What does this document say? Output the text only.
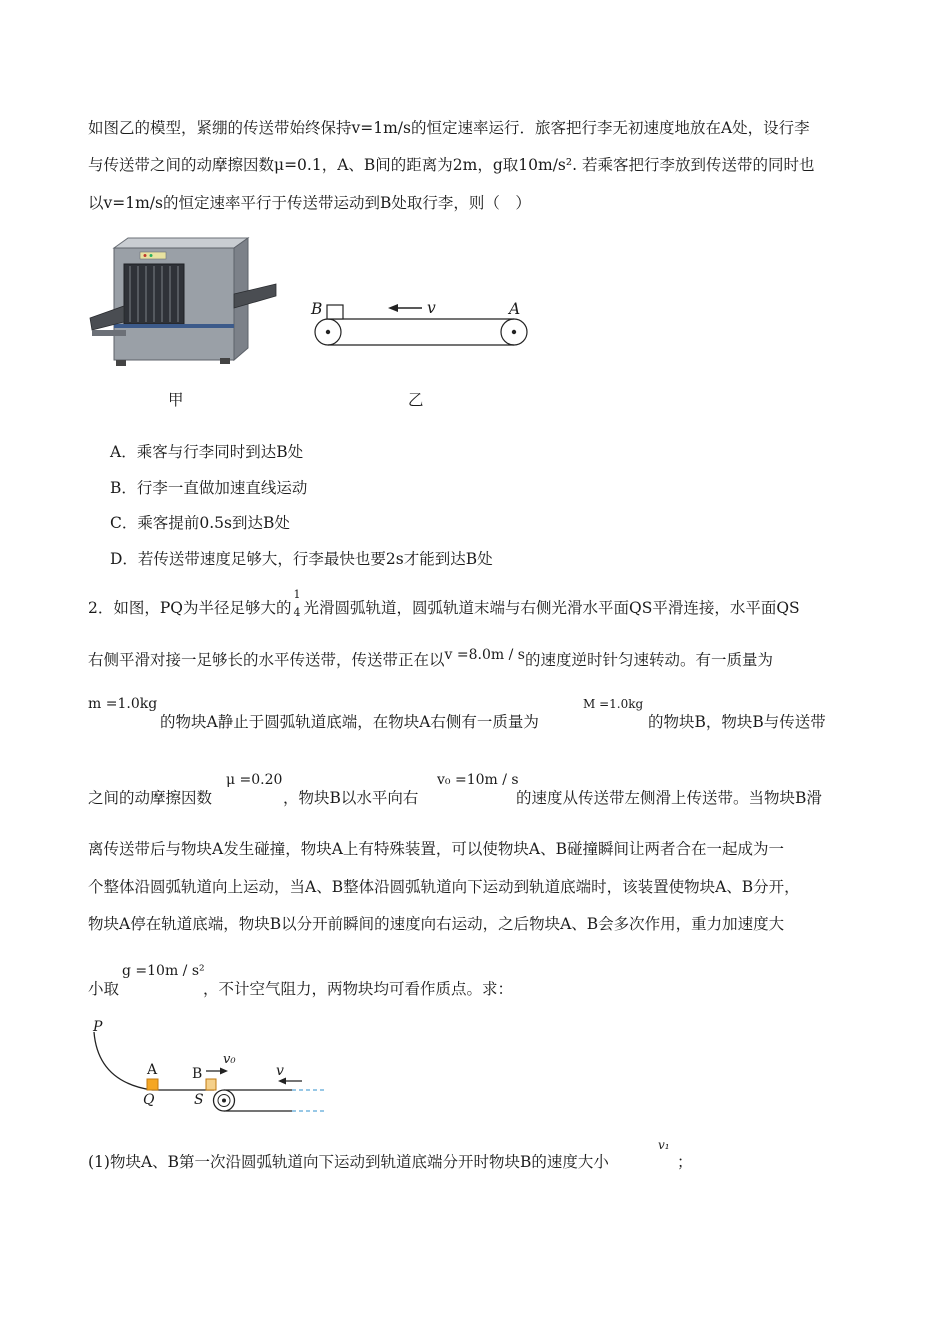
如图乙的模型，紧绷的传送带始终保持v=1m/s的恒定速率运行．旅客把行李无初速度地放在A处，设行李
与传送带之间的动摩擦因数μ=0.1，A、B间的距离为2m，g取10m/s². 若乘客把行李放到传送带的同时也
以v=1m/s的恒定速率平行于传送带运动到B处取行李，则（　）
甲
B	v	A
乙
A．乘客与行李同时到达B处
B．行李一直做加速直线运动
C．乘客提前0.5s到达B处
D．若传送带速度足够大，行李最快也要2s才能到达B处
2．如图，PQ为半径足够大的
1
4 光滑圆弧轨道，圆弧轨道末端与右侧光滑水平面QS平滑连接，水平面QS
右侧平滑对接一足够长的水平传送带，传送带正在以v =8.0m / s的速度逆时针匀速转动。有一质量为
m =1.0kg
的物块A静止于圆弧轨道底端，在物块A右侧有一质量为
M =1.0kg
的物块B，物块B与传送带
之间的动摩擦因数
μ =0.20
，物块B以水平向右
v₀ =10m / s
的速度从传送带左侧滑上传送带。当物块B滑
离传送带后与物块A发生碰撞，物块A上有特殊装置，可以使物块A、B碰撞瞬间让两者合在一起成为一
个整体沿圆弧轨道向上运动，当A、B整体沿圆弧轨道向下运动到轨道底端时，该装置使物块A、B分开，
物块A停在轨道底端，物块B以分开前瞬间的速度向右运动，之后物块A、B会多次作用，重力加速度大
小取
g =10m / s²
，不计空气阻力，两物块均可看作质点。求：
P
A
Q
B
S
v₀
v
(1)物块A、B第一次沿圆弧轨道向下运动到轨道底端分开时物块B的速度大小
v₁
；
